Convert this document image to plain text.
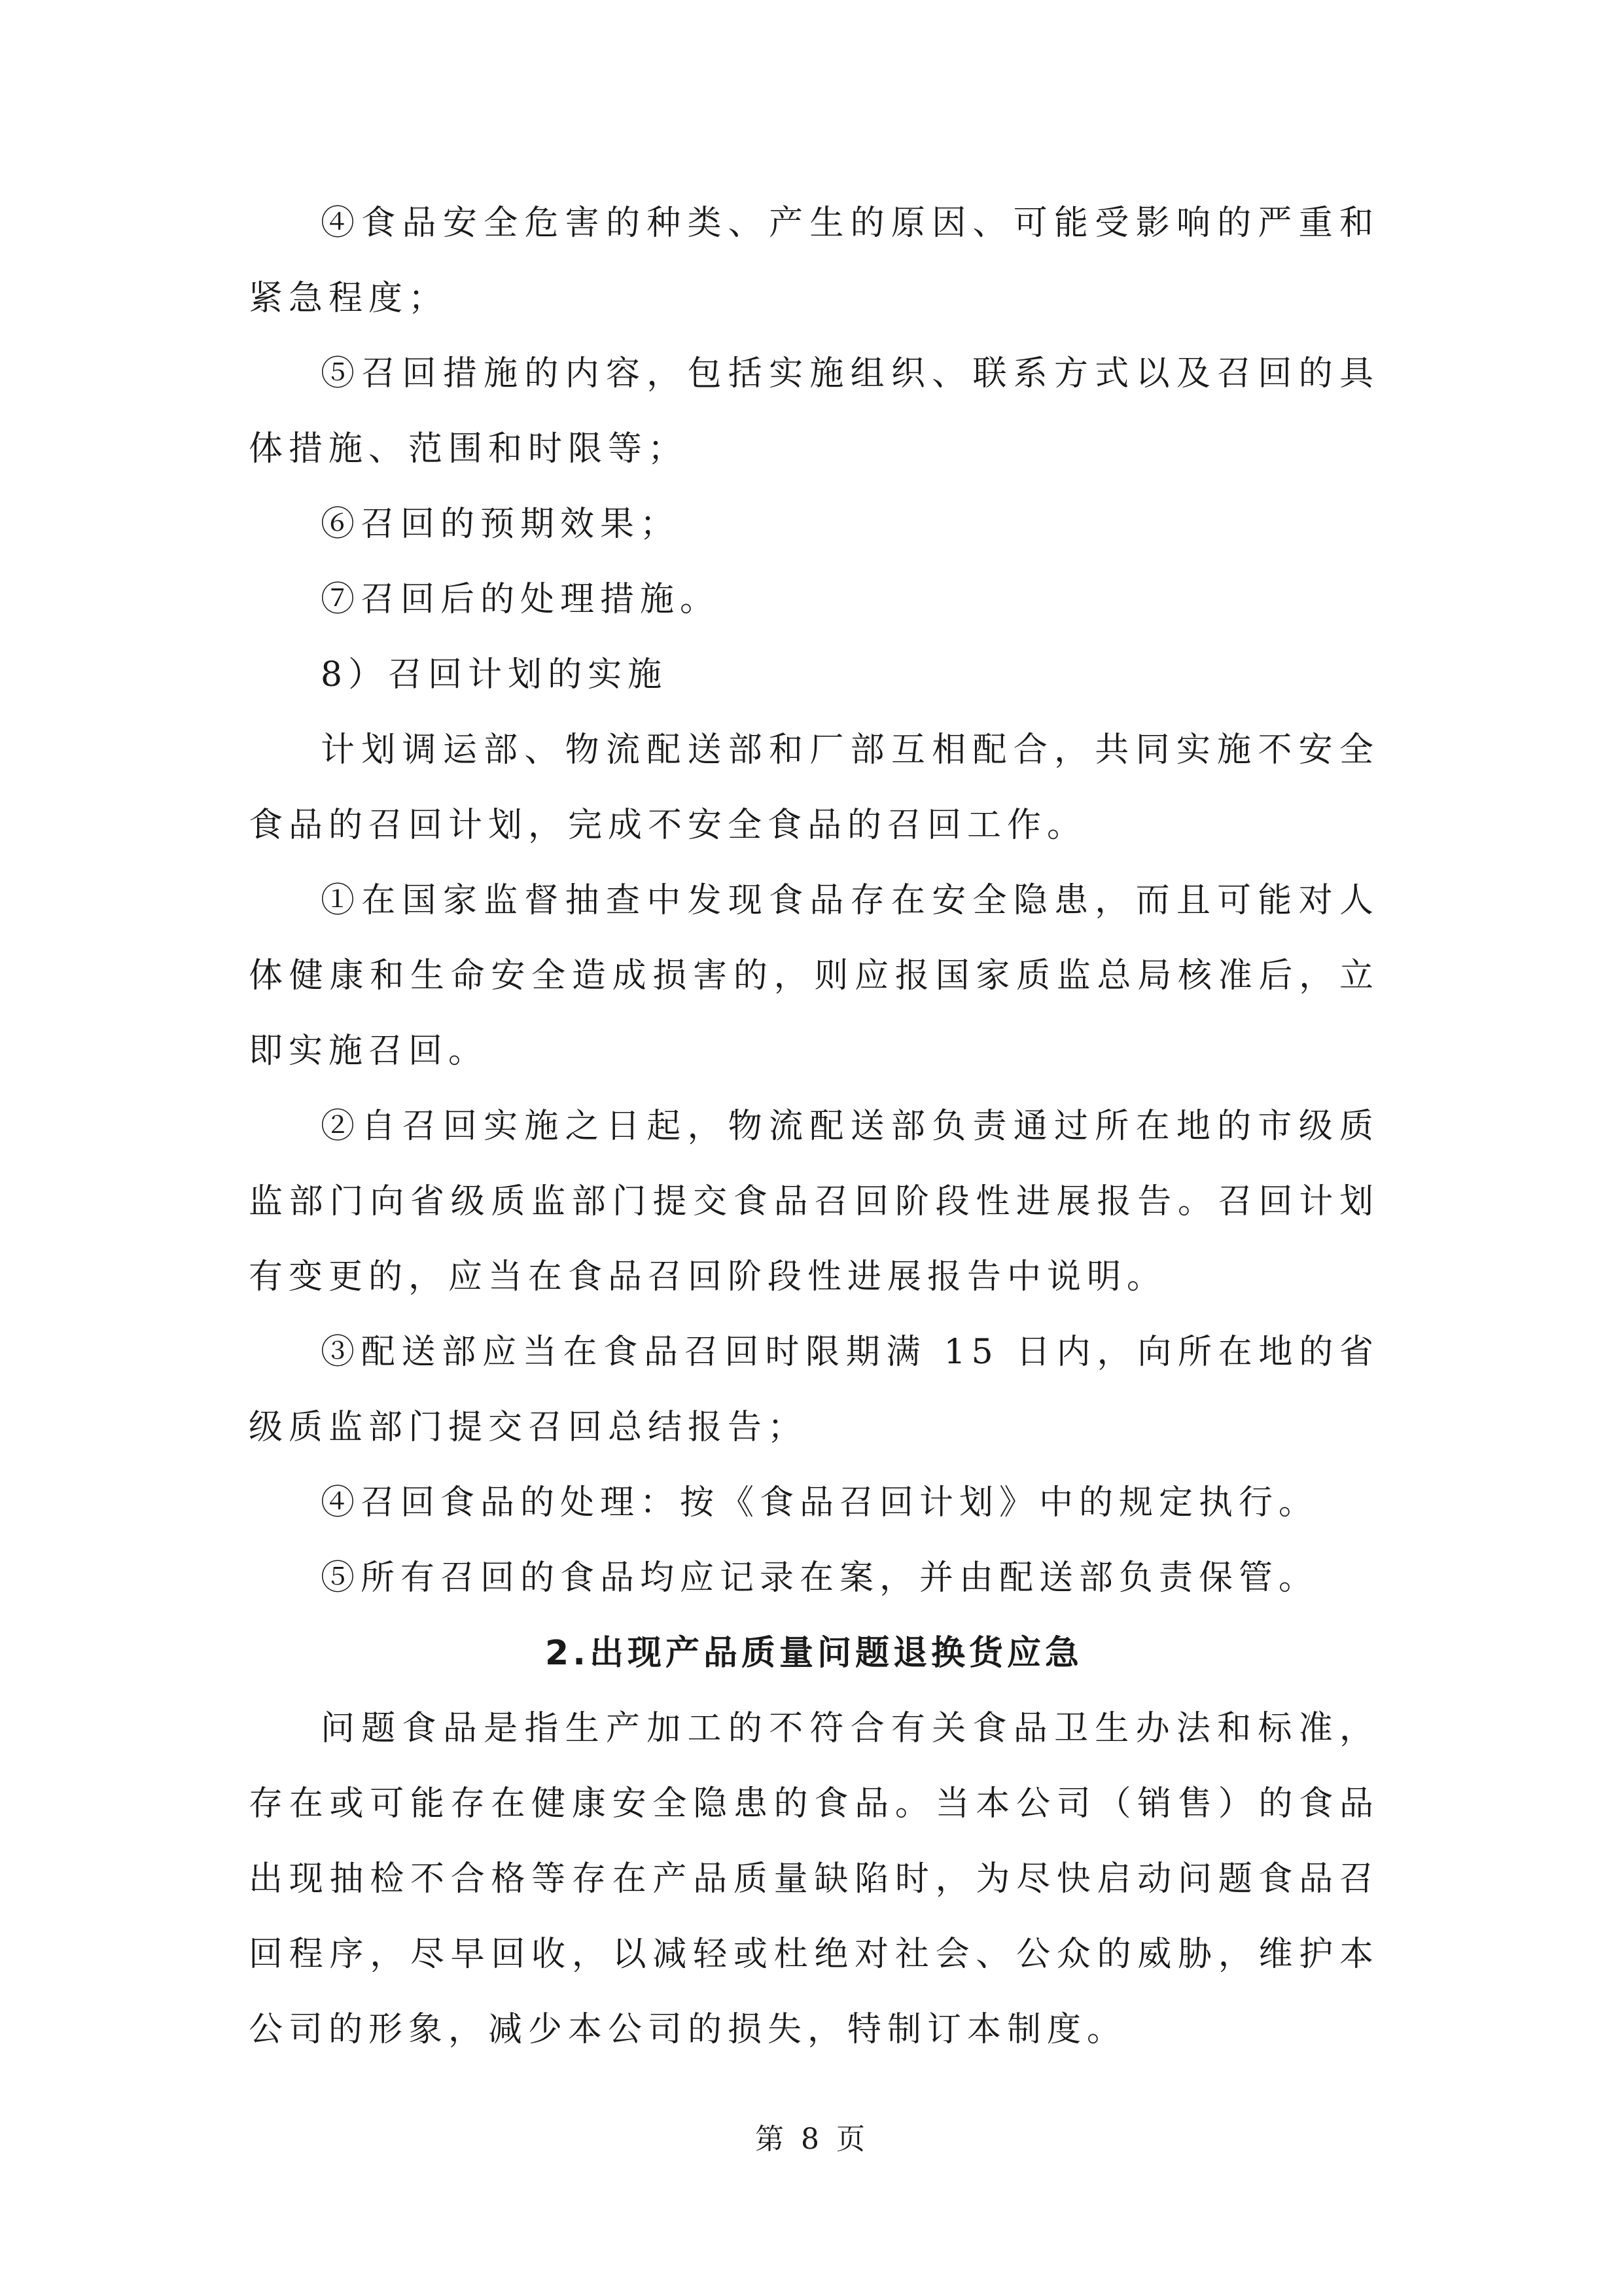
④食品安全危害的种类、产生的原因、可能受影响的严重和紧急程度；

⑤召回措施的内容，包括实施组织、联系方式以及召回的具体措施、范围和时限等；

⑥召回的预期效果；

⑦召回后的处理措施。

8）召回计划的实施

计划调运部、物流配送部和厂部互相配合，共同实施不安全食品的召回计划，完成不安全食品的召回工作。

①在国家监督抽查中发现食品存在安全隐患，而且可能对人体健康和生命安全造成损害的，则应报国家质监总局核准后，立即实施召回。

②自召回实施之日起，物流配送部负责通过所在地的市级质监部门向省级质监部门提交食品召回阶段性进展报告。召回计划有变更的，应当在食品召回阶段性进展报告中说明。

③配送部应当在食品召回时限期满 15 日内，向所在地的省级质监部门提交召回总结报告；

④召回食品的处理：按《食品召回计划》中的规定执行。

⑤所有召回的食品均应记录在案，并由配送部负责保管。

2.出现产品质量问题退换货应急

问题食品是指生产加工的不符合有关食品卫生办法和标准，存在或可能存在健康安全隐患的食品。当本公司（销售）的食品出现抽检不合格等存在产品质量缺陷时，为尽快启动问题食品召回程序，尽早回收，以减轻或杜绝对社会、公众的威胁，维护本公司的形象，减少本公司的损失，特制订本制度。

第 8 页
